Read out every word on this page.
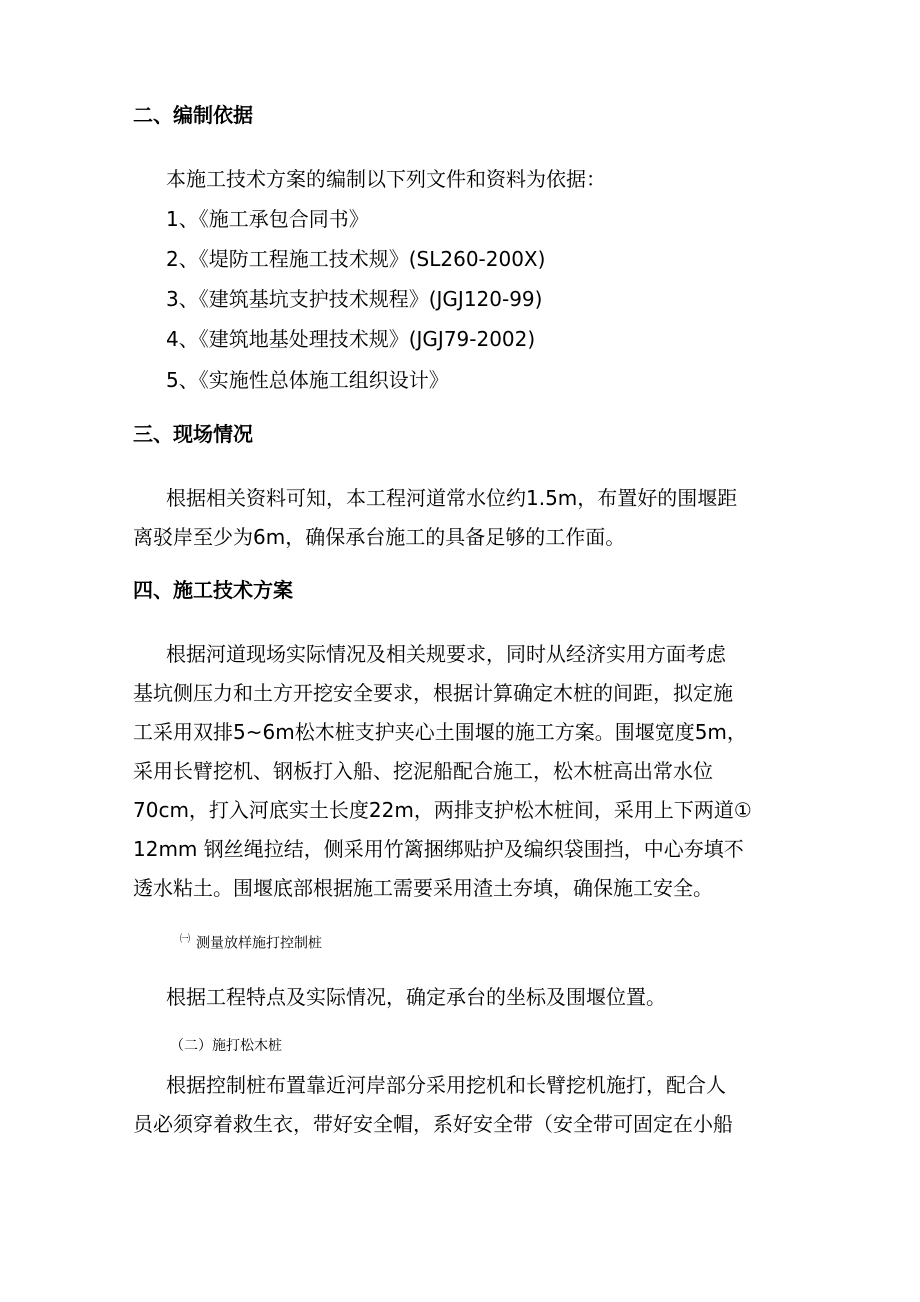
二、编制依据
本施工技术方案的编制以下列文件和资料为依据：
1、《施工承包合同书》
2、《堤防工程施工技术规》(SL260-200X)
3、《建筑基坑支护技术规程》(JGJ120-99)
4、《建筑地基处理技术规》(JGJ79-2002)
5、《实施性总体施工组织设计》
三、现场情况
根据相关资料可知，本工程河道常水位约1.5m，布置好的围堰距
离驳岸至少为6m，确保承台施工的具备足够的工作面。
四、施工技术方案
根据河道现场实际情况及相关规要求，同时从经济实用方面考虑
基坑侧压力和土方开挖安全要求，根据计算确定木桩的间距，拟定施
工采用双排5~6m松木桩支护夹心土围堰的施工方案。围堰宽度5m，
采用长臂挖机、钢板打入船、挖泥船配合施工，松木桩高出常水位
70cm，打入河底实土长度22m，两排支护松木桩间，采用上下两道①
12mm 钢丝绳拉结，侧采用竹篱捆绑贴护及编织袋围挡，中心夯填不
透水粘土。围堰底部根据施工需要采用渣土夯填，确保施工安全。
$^㈠$ 测量放样施打控制桩
根据工程特点及实际情况，确定承台的坐标及围堰位置。
（二）施打松木桩
根据控制桩布置靠近河岸部分采用挖机和长臂挖机施打，配合人
员必须穿着救生衣，带好安全帽，系好安全带（安全带可固定在小船
